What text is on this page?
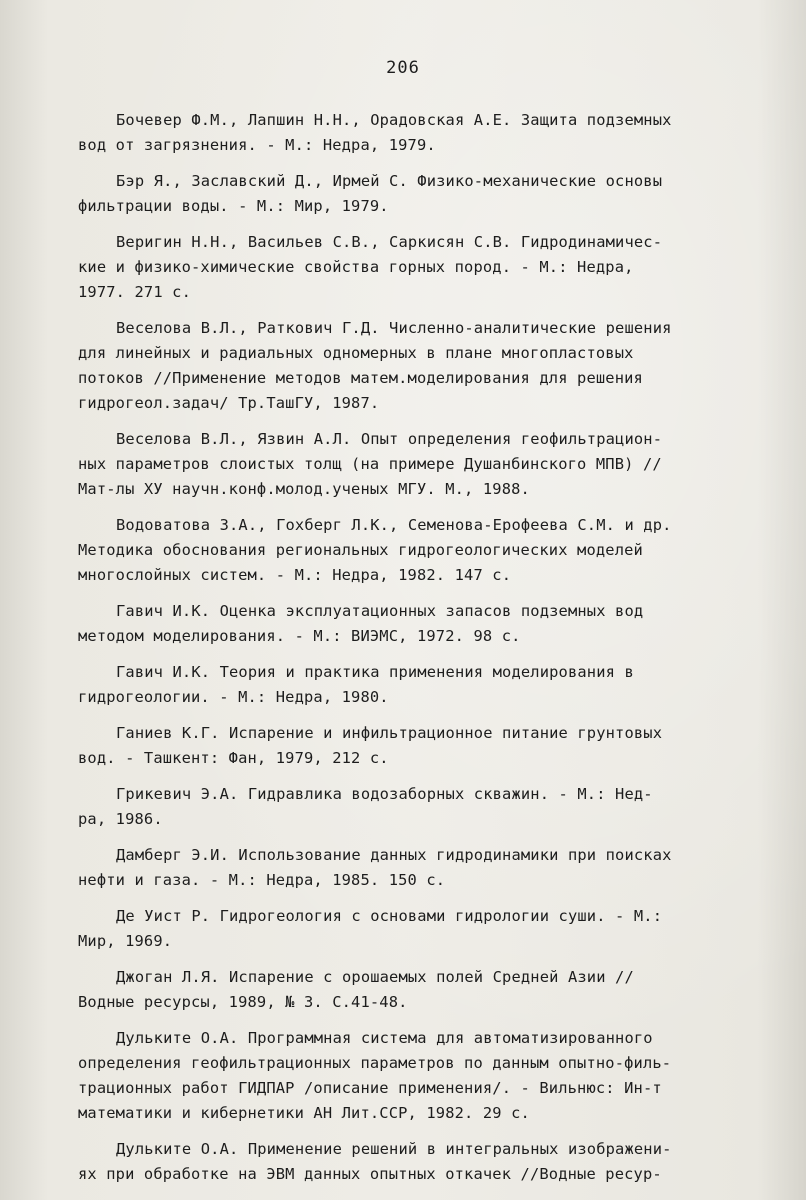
206
Бочевер Ф.М., Лапшин Н.Н., Орадовская А.Е. Защита подземных
вод от загрязнения. - М.: Недра, 1979.
Бэр Я., Заславский Д., Ирмей С. Физико-механические основы
фильтрации воды. - М.: Мир, 1979.
Веригин Н.Н., Васильев С.В., Саркисян С.В. Гидродинамичес-
кие и физико-химические свойства горных пород. - М.: Недра,
1977. 271 с.
Веселова В.Л., Раткович Г.Д. Численно-аналитические решения
для линейных и радиальных одномерных в плане многопластовых
потоков //Применение методов матем.моделирования для решения
гидрогеол.задач/ Тр.ТашГУ, 1987.
Веселова В.Л., Язвин А.Л. Опыт определения геофильтрацион-
ных параметров слоистых толщ (на примере Душанбинского МПВ) //
Мат-лы ХУ научн.конф.молод.ученых МГУ. М., 1988.
Водоватова З.А., Гохберг Л.К., Семенова-Ерофеева С.М. и др.
Методика обоснования региональных гидрогеологических моделей
многослойных систем. - М.: Недра, 1982. 147 с.
Гавич И.К. Оценка эксплуатационных запасов подземных вод
методом моделирования. - М.: ВИЭМС, 1972. 98 с.
Гавич И.К. Теория и практика применения моделирования в
гидрогеологии. - М.: Недра, 1980.
Ганиев К.Г. Испарение и инфильтрационное питание грунтовых
вод. - Ташкент: Фан, 1979, 212 с.
Грикевич Э.А. Гидравлика водозаборных скважин. - М.: Нед-
ра, 1986.
Дамберг Э.И. Использование данных гидродинамики при поисках
нефти и газа. - М.: Недра, 1985. 150 с.
Де Уист Р. Гидрогеология с основами гидрологии суши. - М.:
Мир, 1969.
Джоган Л.Я. Испарение с орошаемых полей Средней Азии //
Водные ресурсы, 1989, № 3. С.41-48.
Дульките О.А. Программная система для автоматизированного
определения геофильтрационных параметров по данным опытно-филь-
трационных работ ГИДПАР /описание применения/. - Вильнюс: Ин-т
математики и кибернетики АН Лит.ССР, 1982. 29 с.
Дульките О.А. Применение решений в интегральных изображени-
ях при обработке на ЭВМ данных опытных откачек //Водные ресур-
